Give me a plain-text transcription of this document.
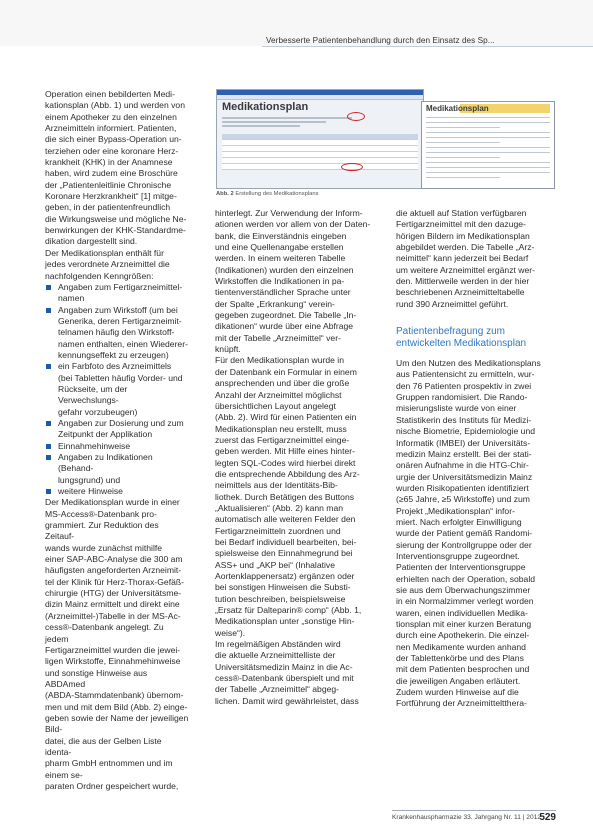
Verbesserte Patientenbehandlung durch den Einsatz des Sp...

Operation einen bebilderten Medi-

kationsplan (Abb. 1) und werden von

einem Apotheker zu den einzelnen

Arzneimitteln informiert. Patienten,

die sich einer Bypass-Operation un-

terziehen oder eine koronare Herz-

krankheit (KHK) in der Anamnese

haben, wird zudem eine Broschüre

der „Patientenleitlinie Chronische

Koronare Herzkrankheit“ [1] mitge-

geben, in der patientenfreundlich

die Wirkungsweise und mögliche Ne-

benwirkungen der KHK-Standardme-

dikation dargestellt sind.

Der Medikationsplan enthält für

jedes verordnete Arzneimittel die

nachfolgenden Kenngrößen:

Angaben zum Fertigarzneimittel-
namen
Angaben zum Wirkstoff (um bei
Generika, deren Fertigarzneimit-
telnamen häufig den Wirkstoff-
namen enthalten, einen Wiederer-
kennungseffekt zu erzeugen)
ein Farbfoto des Arzneimittels
(bei Tabletten häufig Vorder- und
Rückseite, um der Verwechslungs-
gefahr vorzubeugen)
Angaben zur Dosierung und zum
Zeitpunkt der Applikation
Einnahmehinweise
Angaben zu Indikationen (Behand-
lungsgrund) und
weitere Hinweise

Der Medikationsplan wurde in einer

MS-Access®-Datenbank pro-

grammiert. Zur Reduktion des Zeitauf-

wands wurde zunächst mithilfe

einer SAP-ABC-Analyse die 300 am

häufigsten angeforderten Arzneimit-

tel der Klinik für Herz-Thorax-Gefäß-

chirurgie (HTG) der Universitätsme-

dizin Mainz ermittelt und direkt eine

(Arzneimittel-)Tabelle in der MS-Ac-

cess®-Datenbank angelegt. Zu jedem

Fertigarzneimittel wurden die jewei-

ligen Wirkstoffe, Einnahmehinweise

und sonstige Hinweise aus ABDAmed

(ABDA-Stammdatenbank) übernom-

men und mit dem Bild (Abb. 2) einge-

geben sowie der Name der jeweiligen Bild-

datei, die aus der Gelben Liste identa-

pharm GmbH entnommen und im einem se-

paraten Ordner gespeichert wurde,

Medikationsplan	Medikationsplan
Abb. 2 Erstellung des Medikationsplans

hinterlegt. Zur Verwendung der Inform-

ationen werden vor allem von der Daten-

bank, die Einverständnis eingeben

und eine Quellenangabe erstellen

werden. In einem weiteren Tabelle

(Indikationen) wurden den einzelnen

Wirkstoffen die Indikationen in pa-

tientenverständlicher Sprache unter

der Spalte „Erkrankung“ verein-

gegeben zugeordnet. Die Tabelle „In-

dikationen“ wurde über eine Abfrage

mit der Tabelle „Arzneimittel“ ver-

knüpft.

Für den Medikationsplan wurde in

der Datenbank ein Formular in einem

ansprechenden und über die große

Anzahl der Arzneimittel möglichst

übersichtlichen Layout angelegt

(Abb. 2). Wird für einen Patienten ein

Medikationsplan neu erstellt, muss

zuerst das Fertigarzneimittel einge-

geben werden. Mit Hilfe eines hinter-

legten SQL-Codes wird hierbei direkt

die entsprechende Abbildung des Arz-

neimittels aus der Identitäts-Bib-

liothek. Durch Betätigen des Buttons

„Aktualisieren“ (Abb. 2) kann man

automatisch alle weiteren Felder den

Fertigarzneimitteln zuordnen und

bei Bedarf individuell bearbeiten, bei-

spielsweise den Einnahmegrund bei

ASS+ und „AKP bei“ (Inhalative

Aortenklappenersatz) ergänzen oder

bei sonstigen Hinweisen die Substi-

tution beschreiben, beispielsweise

„Ersatz für Dalteparin® comp“ (Abb. 1,

Medikationsplan unter „sonstige Hin-

weise“).

Im regelmäßigen Abständen wird

die aktuelle Arzneimittelliste der

Universitätsmedizin Mainz in die Ac-

cess®-Datenbank überspielt und mit

der Tabelle „Arzneimittel“ abgeg-

lichen. Damit wird gewährleistet, dass

die aktuell auf Station verfügbaren

Fertigarzneimittel mit den dazuge-

hörigen Bildern im Medikationsplan

abgebildet werden. Die Tabelle „Arz-

neimittel“ kann jederzeit bei Bedarf

um weitere Arzneimittel ergänzt wer-

den. Mittlerweile werden in der hier

beschriebenen Arzneimitteltabelle

rund 390 Arzneimittel geführt.

Patientenbefragung zum
entwickelten Medikationsplan

Um den Nutzen des Medikationsplans

aus Patientensicht zu ermitteln, wur-

den 76 Patienten prospektiv in zwei

Gruppen randomisiert. Die Rando-

misierungsliste wurde von einer

Statistikerin des Instituts für Medizi-

nische Biometrie, Epidemiologie und

Informatik (IMBEI) der Universitäts-

medizin Mainz erstellt. Bei der stati-

onären Aufnahme in die HTG-Chir-

urgie der Universitätsmedizin Mainz

wurden Risikopatienten identifiziert

(≥65 Jahre, ≥5 Wirkstoffe) und zum

Projekt „Medikationsplan“ infor-

miert. Nach erfolgter Einwilligung

wurde der Patient gemäß Randomi-

sierung der Kontrollgruppe oder der

Interventionsgruppe zugeordnet.

Patienten der Interventionsgruppe

erhielten nach der Operation, sobald

sie aus dem Überwachungszimmer

in ein Normalzimmer verlegt worden

waren, einen individuellen Medika-

tionsplan mit einer kurzen Beratung

durch eine Apothekerin. Die einzel-

nen Medikamente wurden anhand

der Tablettenkörbe und des Plans

mit dem Patienten besprochen und

die jeweiligen Angaben erläutert.

Zudem wurden Hinweise auf die

Fortführung der Arzneimitteltthera-

Krankenhauspharmazie 33. Jahrgang Nr. 11 | 2012
529
